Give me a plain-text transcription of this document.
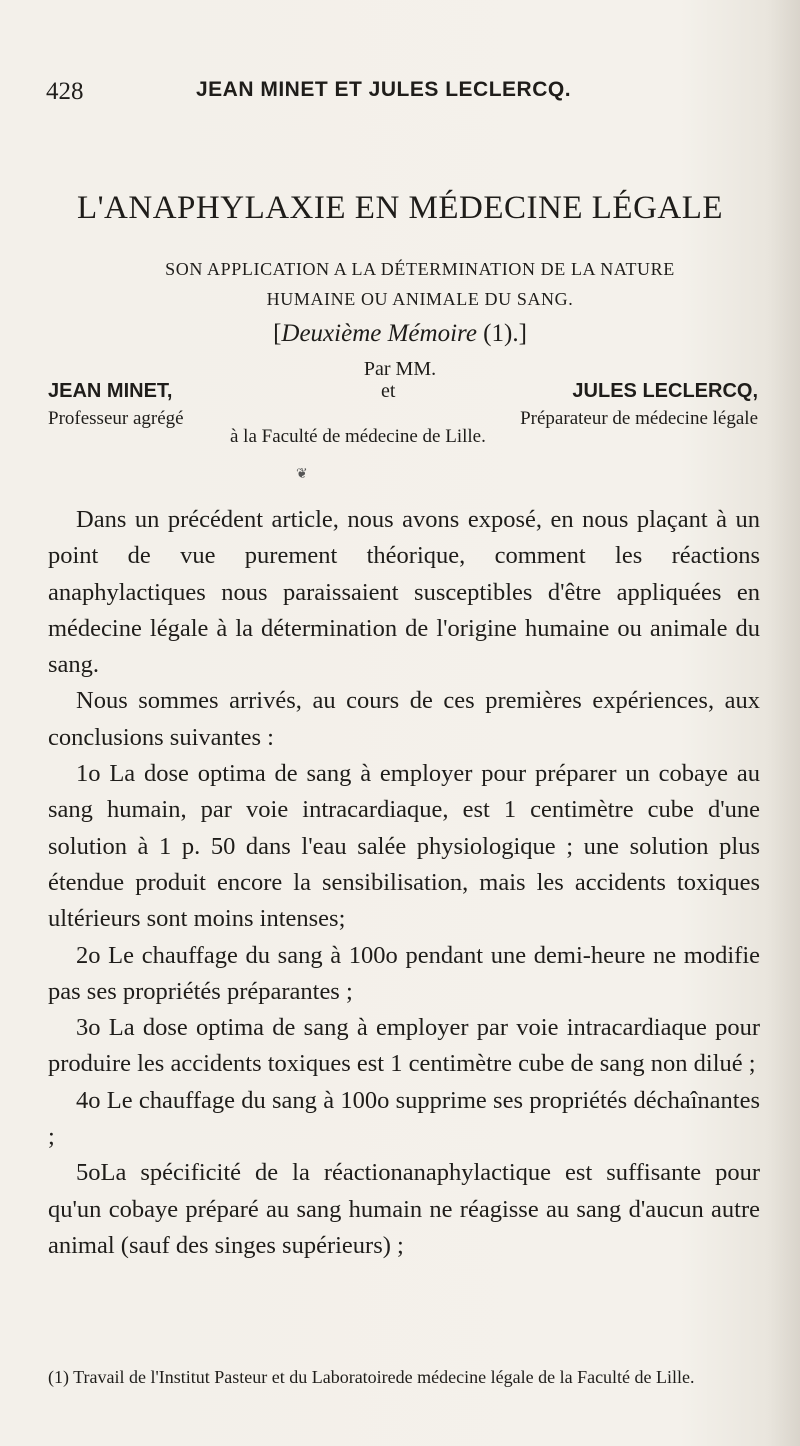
428	JEAN MINET ET JULES LECLERCQ.
L'ANAPHYLAXIE EN MÉDECINE LÉGALE
SON APPLICATION A LA DÉTERMINATION DE LA NATURE
HUMAINE OU ANIMALE DU SANG.
[Deuxième Mémoire (1).]
Par MM.
JEAN MINET,	et	JULES LECLERCQ,
Professeur agrégé	Préparateur de médecine légale
à la Faculté de médecine de Lille.
❦

Dans un précédent article, nous avons exposé, en nous plaçant à un point de vue purement théorique, comment les réactions anaphylactiques nous paraissaient susceptibles d'être appliquées en médecine légale à la détermination de l'origine humaine ou animale du sang.

Nous sommes arrivés, au cours de ces premières expériences, aux conclusions suivantes :

1o La dose optima de sang à employer pour préparer un cobaye au sang humain, par voie intracardiaque, est 1 centimètre cube d'une solution à 1 p. 50 dans l'eau salée physiologique ; une solution plus étendue produit encore la sensibilisation, mais les accidents toxiques ultérieurs sont moins intenses;

2o Le chauffage du sang à 100o pendant une demi-heure ne modifie pas ses propriétés préparantes ;

3o La dose optima de sang à employer par voie intracardiaque pour produire les accidents toxiques est 1 centimètre cube de sang non dilué ;

4o Le chauffage du sang à 100o supprime ses propriétés déchaînantes ;

5oLa spécificité de la réactionanaphylactique est suffisante pour qu'un cobaye préparé au sang humain ne réagisse au sang d'aucun autre animal (sauf des singes supérieurs) ;

(1) Travail de l'Institut Pasteur et du Laboratoirede médecine légale de la Faculté de Lille.
